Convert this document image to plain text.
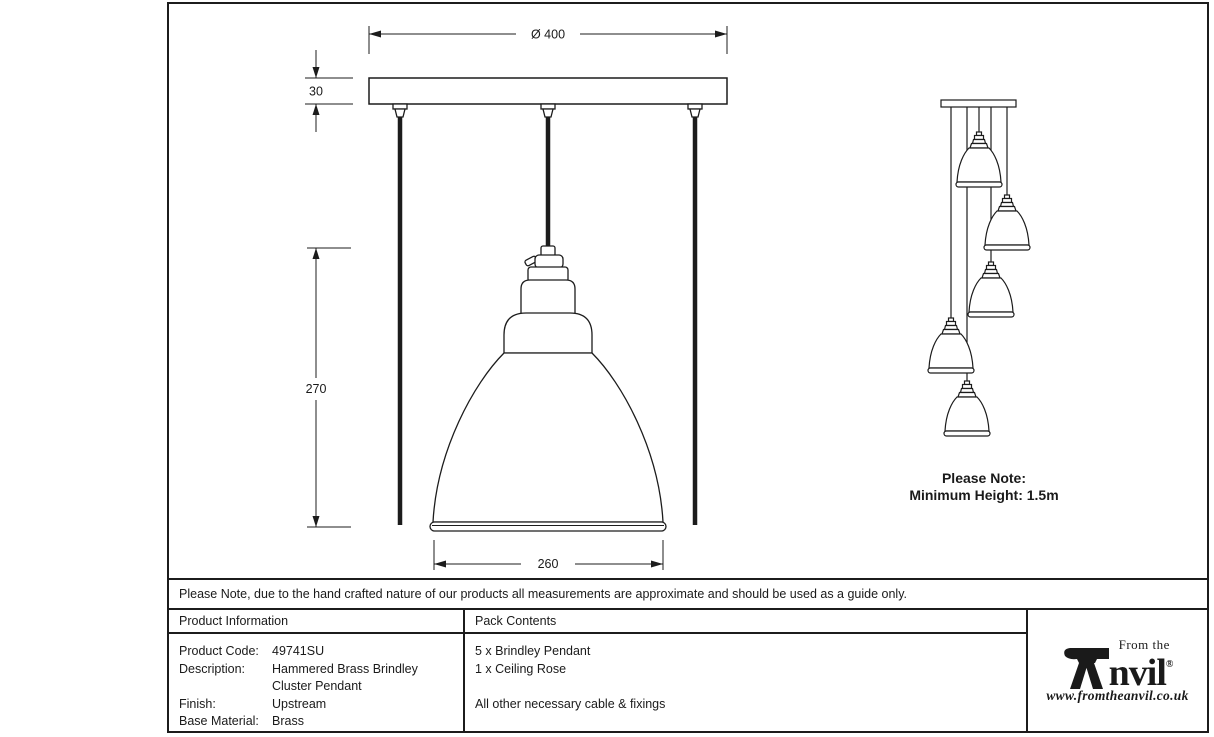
Ø 400
30
270
260
Please Note:
Minimum Height: 1.5m
Please Note, due to the hand crafted nature of our products all measurements are approximate and should be used as a guide only.
Product Information	Pack Contents
From the
nvil®
www.fromtheanvil.co.uk
Product Code:	49741SU
Description:	Hammered Brass Brindley
Cluster Pendant
Finish:	Upstream
Base Material:	Brass
5 x Brindley Pendant
1 x Ceiling Rose
All other necessary cable & fixings
